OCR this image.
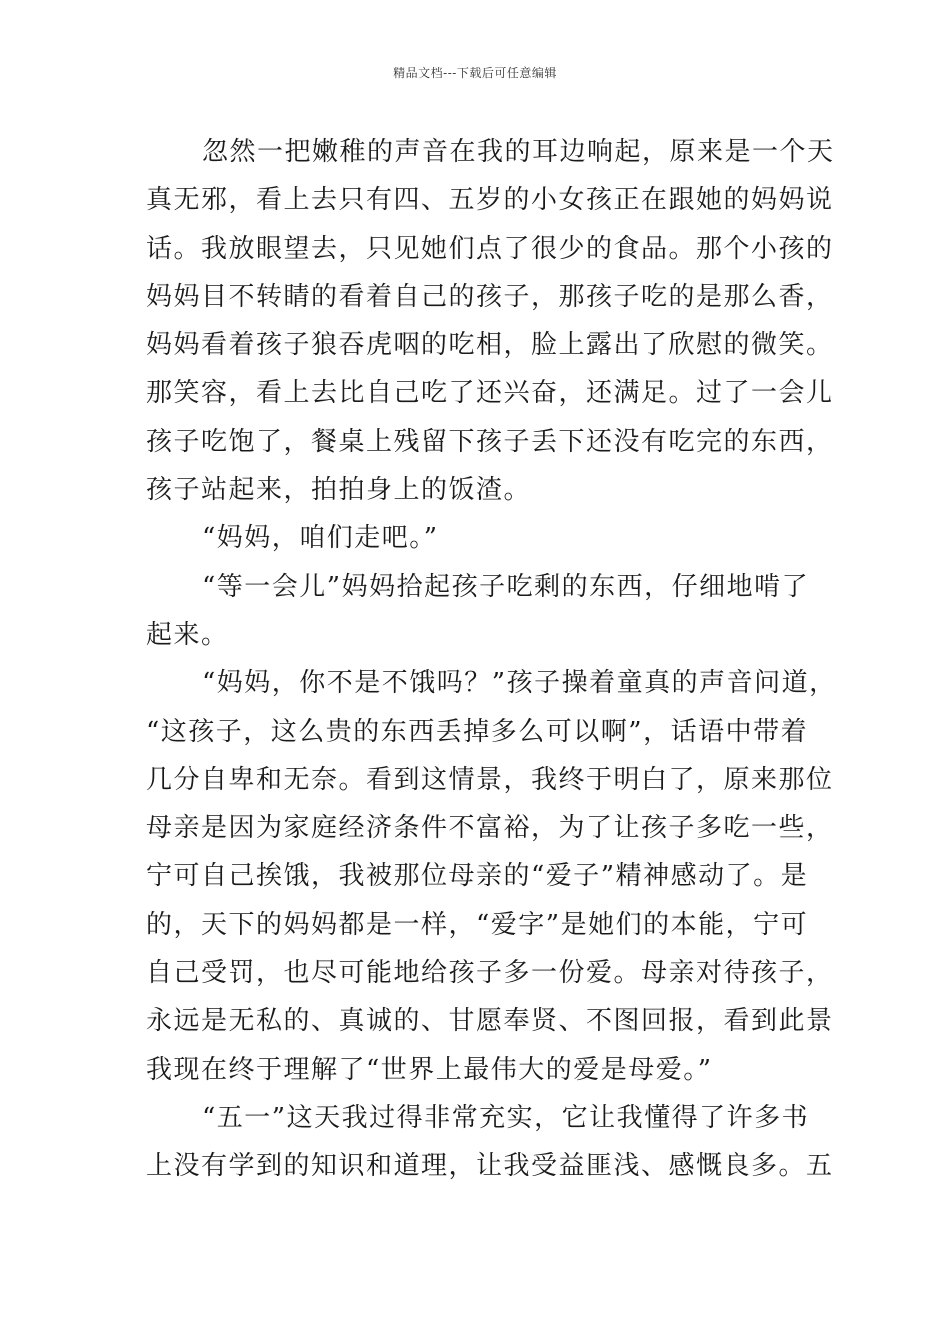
精品文档---下载后可任意编辑
忽然一把嫩稚的声音在我的耳边响起，原来是一个天
真无邪，看上去只有四、五岁的小女孩正在跟她的妈妈说
话。我放眼望去，只见她们点了很少的食品。那个小孩的
妈妈目不转睛的看着自己的孩子，那孩子吃的是那么香，
妈妈看着孩子狼吞虎咽的吃相，脸上露出了欣慰的微笑。
那笑容，看上去比自己吃了还兴奋，还满足。过了一会儿
孩子吃饱了，餐桌上残留下孩子丢下还没有吃完的东西，
孩子站起来，拍拍身上的饭渣。
“妈妈，咱们走吧。”
“等一会儿”妈妈拾起孩子吃剩的东西，仔细地啃了
起来。
“妈妈，你不是不饿吗？”孩子操着童真的声音问道，
“这孩子，这么贵的东西丢掉多么可以啊”，话语中带着
几分自卑和无奈。看到这情景，我终于明白了，原来那位
母亲是因为家庭经济条件不富裕，为了让孩子多吃一些，
宁可自己挨饿，我被那位母亲的“爱子”精神感动了。是
的，天下的妈妈都是一样，“爱字”是她们的本能，宁可
自己受罚，也尽可能地给孩子多一份爱。母亲对待孩子，
永远是无私的、真诚的、甘愿奉贤、不图回报，看到此景
我现在终于理解了“世界上最伟大的爱是母爱。”
“五一”这天我过得非常充实，它让我懂得了许多书
上没有学到的知识和道理，让我受益匪浅、感慨良多。五
